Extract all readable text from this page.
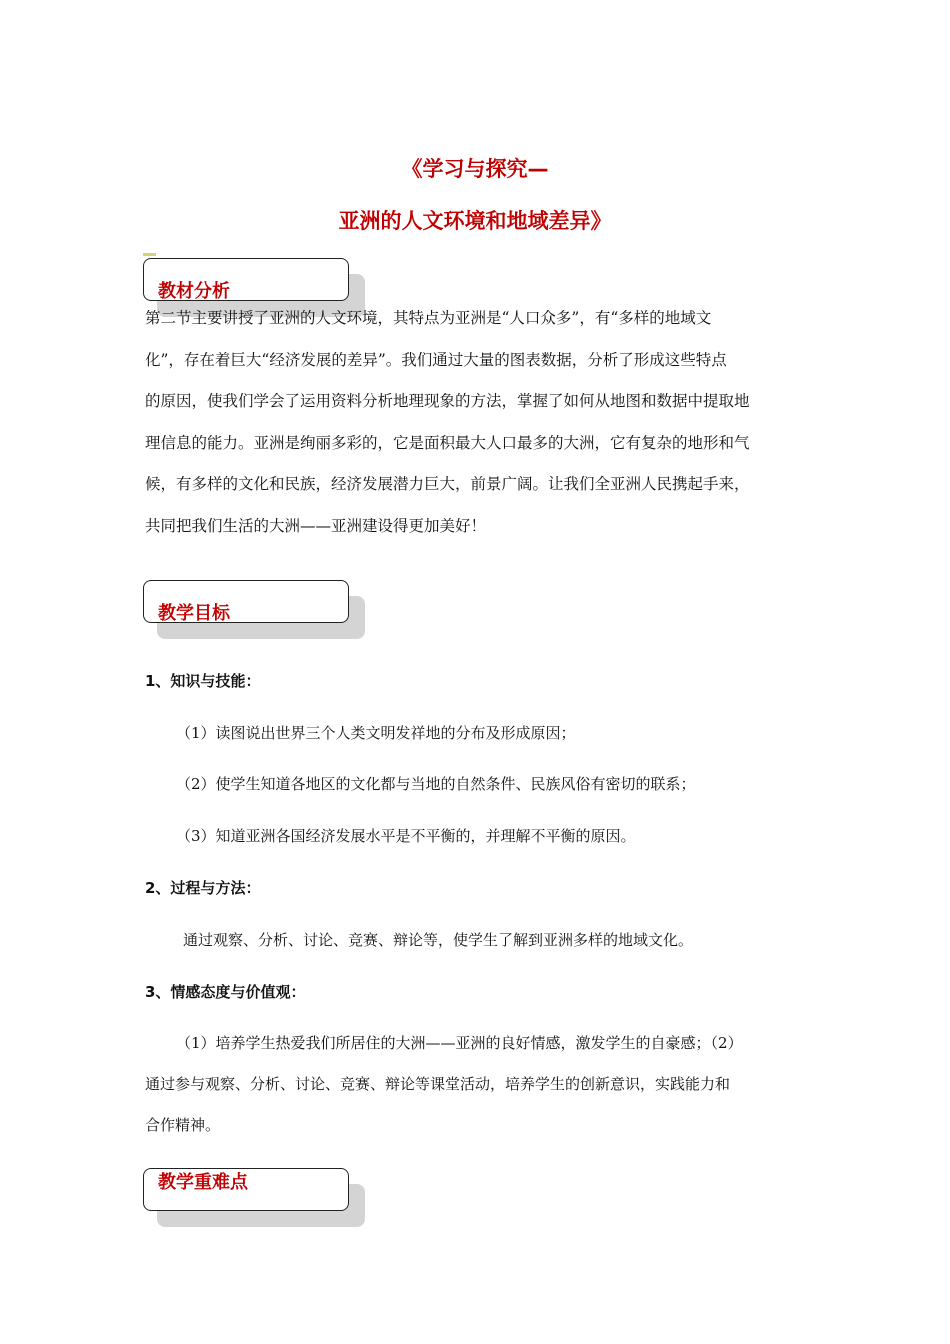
《学习与探究—
亚洲的人文环境和地域差异》
教材分析
第二节主要讲授了亚洲的人文环境，其特点为亚洲是“人口众多”，有“多样的地域文
化”，存在着巨大“经济发展的差异”。我们通过大量的图表数据，分析了形成这些特点
的原因，使我们学会了运用资料分析地理现象的方法，掌握了如何从地图和数据中提取地
理信息的能力。亚洲是绚丽多彩的，它是面积最大人口最多的大洲，它有复杂的地形和气
候，有多样的文化和民族，经济发展潜力巨大，前景广阔。让我们全亚洲人民携起手来，
共同把我们生活的大洲——亚洲建设得更加美好！
教学目标
1、知识与技能：
（1）读图说出世界三个人类文明发祥地的分布及形成原因；
（2）使学生知道各地区的文化都与当地的自然条件、民族风俗有密切的联系；
（3）知道亚洲各国经济发展水平是不平衡的，并理解不平衡的原因。
2、过程与方法：
通过观察、分析、讨论、竞赛、辩论等，使学生了解到亚洲多样的地域文化。
3、情感态度与价值观：
（1）培养学生热爱我们所居住的大洲——亚洲的良好情感，激发学生的自豪感；（2）
通过参与观察、分析、讨论、竞赛、辩论等课堂活动，培养学生的创新意识，实践能力和
合作精神。
教学重难点
